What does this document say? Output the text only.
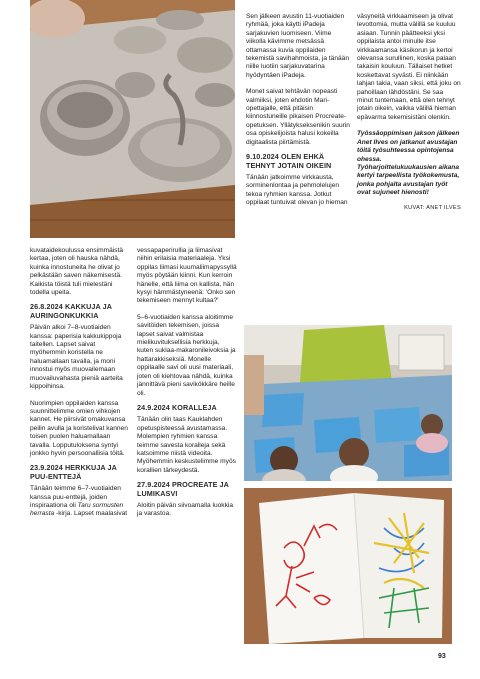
Sen jälkeen avustin 11-vuotiaiden ryhmää, joka käytti iPadeja sarjakuvien luomiseen. Viime viikolla kävimme metsässä ottamassa kuvia oppilaiden tekemistä savihahmoista, ja tänään niille luotiin sarjakuvatarina hyödyntäen iPadeja.

Monet saivat tehtävän nopeasti valmiiksi, joten ehdotin Mari-opettajalle, että pitäisin kiinnostuneille pikaisen Procreate-opetuksen. Yllätykseksenikin suurin osa opiskelijoista halusi kokeilla digitaalista piirtämistä.

9.10.2024 OLEN EHKÄ TEHNYT JOTAIN OIKEIN

Tänään jatkoimme virkkausta, sorminenlontaa ja pehmolelujen tekoa ryhmien kanssa. Jotkut oppilaat tuntuivat olevan jo hieman

väsyneitä virkkaamiseen ja olivat levottomia, mutta välillä se kuuluu asiaan. Tunnin päätteeksi yksi oppilaista antoi minulle itse virkkaamansa käsikorun ja kertoi olevansa surullinen, koska palaan takaisin kouluun. Tällaiset hetket koskettavat syvästi. Ei niinkään lahjan takia, vaan siksi, että joku on pahoillaan lähdöstäni. Se saa minut tuntemaan, että olen tehnyt jotain oikein, vaikka välillä hieman epävarma tekemisistäni olenkin.

Työssäoppimisen jakson jälkeen Anet Ilves on jatkanut avustajan töitä työsuhteessa opintojensa ohessa. Työharjoittelukuukausien aikana kertyi tarpeellista työkokemusta, jonka pohjalta avustajan työt ovat sujuneet hienosti!

KUVAT: ANET ILVES

kuvataidekoulussa ensimmäistä kertaa, joten oli hauska nähdä, kuinka innostuneita he olivat jo pelkästään saven näkemisestä. Kaikista töistä tuli mielestäni todella upeita.

26.8.2024 KAKKUJA JA AURINGONKUKKIA

Päivän alkoi 7–8-vuotiaiden kanssa: paperisia kakkukippoja taitellen. Lapset saivat myöhemmin koristella ne haluamallaan tavalla, ja moni innostui myös muovailemaan muovailuvahasta pieniä aarteita kippoihinsa.

Nuorimpien oppilaiden kanssa suunnittelimme omien vihkojen kannet. He piirsivät omakuvansa peilin avulla ja koristelivat kannen toisen puolen haluamallaan tavalla. Lopputuloksena syntyi jonkko hyvin persoonallisia töitä.

23.9.2024 HERKKUJA JA PUU-ENTTEJÄ

Tänään teimme 6–7-vuotiaiden kanssa puu-enttejä, joiden inspiraationa oli Taru sormusten herrasta -kirja. Lapset maalasivat

vessapaperirullia ja liimasivat niihin erilaisia materiaaleja. Yksi oppilas liimasi kuumaliimapyssyllä myös pöytään kiinni. Kun kerroin hänelle, että liima on kallista, hän kysyi hämmästyneenä: 'Onko sen tekemiseen mennyt kultaa?'

5–6-vuotiaiden kanssa aloitimme savitöiden tekemisen, joissa lapset saivat valmistaa mielikuvituksellisia herkkuja, kuten suklaa-makaronileivoksia ja hattarakkiseksiä. Monelle oppilaalle savi oli uusi materiaali, joten oli kiehtovaa nähdä, kuinka jännittävä pieni savikökkäre heille oli.

24.9.2024 KORALLEJA

Tänään olin taas Kauklahden opetuspisteessä avustamassa. Molempien ryhmien kanssa teimme savesta koralleja sekä katsoimme niistä videoita. Myöhemmin keskustelimme myös korallien tärkeydestä.

27.9.2024 PROCREATE JA LUMIKASVI

Aloitin päivän siivoamalla luokkia ja varastoa.

93
